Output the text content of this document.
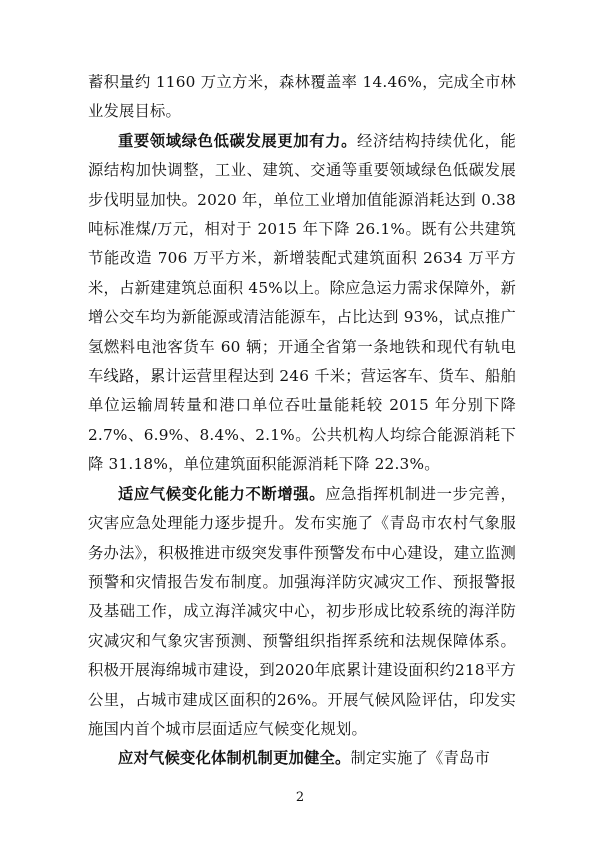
蓄积量约 1160 万立方米，森林覆盖率 14.46%，完成全市林业发展目标。

重要领域绿色低碳发展更加有力。经济结构持续优化，能源结构加快调整，工业、建筑、交通等重要领域绿色低碳发展步伐明显加快。2020 年，单位工业增加值能源消耗达到 0.38 吨标准煤/万元，相对于 2015 年下降 26.1%。既有公共建筑节能改造 706 万平方米，新增装配式建筑面积 2634 万平方米，占新建建筑总面积 45%以上。除应急运力需求保障外，新增公交车均为新能源或清洁能源车，占比达到 93%，试点推广氢燃料电池客货车 60 辆；开通全省第一条地铁和现代有轨电车线路，累计运营里程达到 246 千米；营运客车、货车、船舶单位运输周转量和港口单位吞吐量能耗较 2015 年分别下降 2.7%、6.9%、8.4%、2.1%。公共机构人均综合能源消耗下降 31.18%，单位建筑面积能源消耗下降 22.3%。

适应气候变化能力不断增强。应急指挥机制进一步完善，灾害应急处理能力逐步提升。发布实施了《青岛市农村气象服务办法》，积极推进市级突发事件预警发布中心建设，建立监测预警和灾情报告发布制度。加强海洋防灾减灾工作、预报警报及基础工作，成立海洋减灾中心，初步形成比较系统的海洋防灾减灾和气象灾害预测、预警组织指挥系统和法规保障体系。积极开展海绵城市建设，到2020年底累计建设面积约218平方公里，占城市建成区面积的26%。开展气候风险评估，印发实施国内首个城市层面适应气候变化规划。

应对气候变化体制机制更加健全。制定实施了《青岛市

2
